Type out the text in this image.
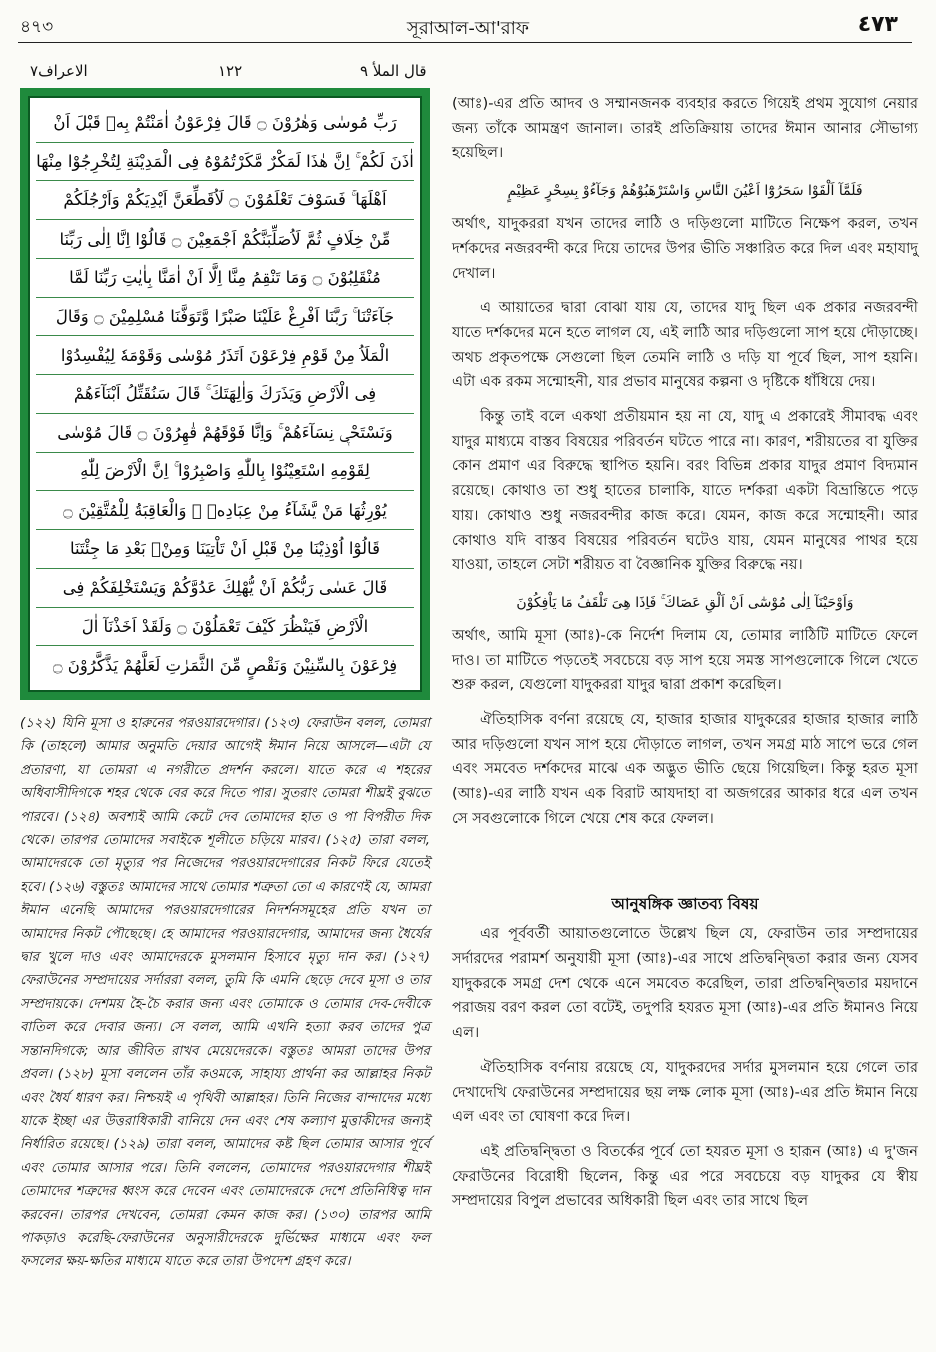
৪৭৩	সূরাআল-আ'রাফ	٤٧٣
الاعراف٧	١٢٢	قال الملأ ٩
رَبِّ مُوسٰى وَهٰرُوْنَ ۝ قَالَ فِرْعَوْنُ اٰمَنْتُمْ بِهٖ قَبْلَ اَنْ
اٰذَنَ لَكُمْ ۚ اِنَّ هٰذَا لَمَكْرٌ مَّكَرْتُمُوْهُ فِى الْمَدِيْنَةِ لِتُخْرِجُوْا مِنْهَا
اَهْلَهَا ۚ فَسَوْفَ تَعْلَمُوْنَ ۝ لَاُقَطِّعَنَّ اَيْدِيَكُمْ وَاَرْجُلَكُمْ
مِّنْ خِلَافٍ ثُمَّ لَاُصَلِّبَنَّكُمْ اَجْمَعِيْنَ ۝ قَالُوْا اِنَّا اِلٰى رَبِّنَا
مُنْقَلِبُوْنَ ۝ وَمَا تَنْقِمُ مِنَّا اِلَّا اَنْ اٰمَنَّا بِاٰيٰتِ رَبِّنَا لَمَّا
جَآءَتْنَا ۚ رَبَّنَا اَفْرِغْ عَلَيْنَا صَبْرًا وَّتَوَفَّنَا مُسْلِمِيْنَ ۝ وَقَالَ
الْمَلَاُ مِنْ قَوْمِ فِرْعَوْنَ اَتَذَرُ مُوْسٰى وَقَوْمَهٗ لِيُفْسِدُوْا
فِى الْاَرْضِ وَيَذَرَكَ وَاٰلِهَتَكَ ۚ قَالَ سَنُقَتِّلُ اَبْنَآءَهُمْ
وَنَسْتَحْيٖ نِسَآءَهُمْ ۚ وَاِنَّا فَوْقَهُمْ قٰهِرُوْنَ ۝ قَالَ مُوْسٰى
لِقَوْمِهِ اسْتَعِيْنُوْا بِاللّٰهِ وَاصْبِرُوْا ۚ اِنَّ الْاَرْضَ لِلّٰهِ
يُوْرِثُهَا مَنْ يَّشَآءُ مِنْ عِبَادِهٖ ۖ وَالْعَاقِبَةُ لِلْمُتَّقِيْنَ ۝
قَالُوْٓا اُوْذِيْنَا مِنْ قَبْلِ اَنْ تَاْتِيَنَا وَمِنْۢ بَعْدِ مَا جِئْتَنَا
قَالَ عَسٰى رَبُّكُمْ اَنْ يُّهْلِكَ عَدُوَّكُمْ وَيَسْتَخْلِفَكُمْ فِى
الْاَرْضِ فَيَنْظُرَ كَيْفَ تَعْمَلُوْنَ ۝ وَلَقَدْ اَخَذْنَآ اٰلَ
فِرْعَوْنَ بِالسِّنِيْنَ وَنَقْصٍ مِّنَ الثَّمَرٰتِ لَعَلَّهُمْ يَذَّكَّرُوْنَ ۝
(১২২) যিনি মূসা ও হারুনের পরওয়ারদেগার। (১২৩) ফেরাউন বলল, তোমরা কি (তাহলে) আমার অনুমতি দেয়ার আগেই ঈমান নিয়ে আসলে—এটা যে প্রতারণা, যা তোমরা এ নগরীতে প্রদর্শন করলে। যাতে করে এ শহরের অধিবাসীদিগকে শহর থেকে বের করে দিতে পার। সুতরাং তোমরা শীঘ্রই বুঝতে পারবে। (১২৪) অবশ্যই আমি কেটে দেব তোমাদের হাত ও পা বিপরীত দিক থেকে। তারপর তোমাদের সবাইকে শূলীতে চড়িয়ে মারব। (১২৫) তারা বলল, আমাদেরকে তো মৃত্যুর পর নিজেদের পরওয়ারদেগারের নিকট ফিরে যেতেই হবে। (১২৬) বস্তুতঃ আমাদের সাথে তোমার শত্রুতা তো এ কারণেই যে, আমরা ঈমান এনেছি আমাদের পরওয়ারদেগারের নিদর্শনসমূহের প্রতি যখন তা আমাদের নিকট পৌছেছে। হে আমাদের পরওয়ারদেগার, আমাদের জন্য ধৈর্যের দ্বার খুলে দাও এবং আমাদেরকে মুসলমান হিসাবে মৃত্যু দান কর। (১২৭) ফেরাউনের সম্প্রদায়ের সর্দাররা বলল, তুমি কি এমনি ছেড়ে দেবে মূসা ও তার সম্প্রদায়কে। দেশময় হৈ-চৈ করার জন্য এবং তোমাকে ও তোমার দেব-দেবীকে বাতিল করে দেবার জন্য। সে বলল, আমি এখনি হত্যা করব তাদের পুত্র সন্তানদিগকে; আর জীবিত রাখব মেয়েদেরকে। বস্তুতঃ আমরা তাদের উপর প্রবল। (১২৮) মূসা বললেন তাঁর কওমকে, সাহায্য প্রার্থনা কর আল্লাহর নিকট এবং ধৈর্য ধারণ কর। নিশ্চয়ই এ পৃথিবী আল্লাহর। তিনি নিজের বান্দাদের মধ্যে যাকে ইচ্ছা এর উত্তরাধিকারী বানিয়ে দেন এবং শেষ কল্যাণ মুত্তাকীদের জন্যই নির্ধারিত রয়েছে। (১২৯) তারা বলল, আমাদের কষ্ট ছিল তোমার আসার পূর্বে এবং তোমার আসার পরে। তিনি বললেন, তোমাদের পরওয়ারদেগার শীঘ্রই তোমাদের শত্রুদের ধ্বংস করে দেবেন এবং তোমাদেরকে দেশে প্রতিনিধিত্ব দান করবেন। তারপর দেখবেন, তোমরা কেমন কাজ কর। (১৩০) তারপর আমি পাকড়াও করেছি-ফেরাউনের অনুসারীদেরকে দুর্ভিক্ষের মাধ্যমে এবং ফল ফসলের ক্ষয়-ক্ষতির মাধ্যমে যাতে করে তারা উপদেশ গ্রহণ করে।

(আঃ)-এর প্রতি আদব ও সম্মানজনক ব্যবহার করতে গিয়েই প্রথম সুযোগ নেয়ার জন্য তাঁকে আমন্ত্রণ জানাল। তারই প্রতিক্রিয়ায় তাদের ঈমান আনার সৌভাগ্য হয়েছিল।

فَلَمَّآ اَلْقَوْا سَحَرُوْٓا اَعْيُنَ النَّاسِ وَاسْتَرْهَبُوْهُمْ وَجَآءُوْ بِسِحْرٍ عَظِيْمٍ

অর্থাৎ, যাদুকররা যখন তাদের লাঠি ও দড়িগুলো মাটিতে নিক্ষেপ করল, তখন দর্শকদের নজরবন্দী করে দিয়ে তাদের উপর ভীতি সঞ্চারিত করে দিল এবং মহাযাদু দেখাল।

এ আয়াতের দ্বারা বোঝা যায় যে, তাদের যাদু ছিল এক প্রকার নজরবন্দী যাতে দর্শকদের মনে হতে লাগল যে, এই লাঠি আর দড়িগুলো সাপ হয়ে দৌড়াচ্ছে। অথচ প্রকৃতপক্ষে সেগুলো ছিল তেমনি লাঠি ও দড়ি যা পূর্বে ছিল, সাপ হয়নি। এটা এক রকম সন্মোহনী, যার প্রভাব মানুষের কল্পনা ও দৃষ্টিকে ধাঁধিয়ে দেয়।

কিন্তু তাই বলে একথা প্রতীয়মান হয় না যে, যাদু এ প্রকারেই সীমাবদ্ধ এবং যাদুর মাধ্যমে বাস্তব বিষয়ের পরিবর্তন ঘটতে পারে না। কারণ, শরীয়তের বা যুক্তির কোন প্রমাণ এর বিরুদ্ধে স্থাপিত হয়নি। বরং বিভিন্ন প্রকার যাদুর প্রমাণ বিদ্যমান রয়েছে। কোথাও তা শুধু হাতের চালাকি, যাতে দর্শকরা একটা বিভ্রান্তিতে পড়ে যায়। কোথাও শুধু নজরবন্দীর কাজ করে। যেমন, কাজ করে সন্মোহনী। আর কোথাও যদি বাস্তব বিষয়ের পরিবর্তন ঘটেও যায়, যেমন মানুষের পাথর হয়ে যাওয়া, তাহলে সেটা শরীয়ত বা বৈজ্ঞানিক যুক্তির বিরুদ্ধে নয়।

وَاَوْحَيْنَآ اِلٰى مُوْسٰٓى اَنْ اَلْقِ عَصَاكَ ۚ فَاِذَا هِىَ تَلْقَفُ مَا يَاْفِكُوْنَ

অর্থাৎ, আমি মূসা (আঃ)-কে নির্দেশ দিলাম যে, তোমার লাঠিটি মাটিতে ফেলে দাও। তা মাটিতে পড়তেই সবচেয়ে বড় সাপ হয়ে সমস্ত সাপগুলোকে গিলে খেতে শুরু করল, যেগুলো যাদুকররা যাদুর দ্বারা প্রকাশ করেছিল।

ঐতিহাসিক বর্ণনা রয়েছে যে, হাজার হাজার যাদুকরের হাজার হাজার লাঠি আর দড়িগুলো যখন সাপ হয়ে দৌড়াতে লাগল, তখন সমগ্র মাঠ সাপে ভরে গেল এবং সমবেত দর্শকদের মাঝে এক অদ্ভুত ভীতি ছেয়ে গিয়েছিল। কিন্তু হরত মূসা (আঃ)-এর লাঠি যখন এক বিরাট আযদাহা বা অজগরের আকার ধরে এল তখন সে সবগুলোকে গিলে খেয়ে শেষ করে ফেলল।

আনুষঙ্গিক জ্ঞাতব্য বিষয়

এর পূর্ববর্তী আয়াতগুলোতে উল্লেখ ছিল যে, ফেরাউন তার সম্প্রদায়ের সর্দারদের পরামর্শ অনুযায়ী মূসা (আঃ)-এর সাথে প্রতিদ্বন্দ্বিতা করার জন্য যেসব যাদুকরকে সমগ্র দেশ থেকে এনে সমবেত করেছিল, তারা প্রতিদ্বন্দ্বিতার ময়দানে পরাজয় বরণ করল তো বটেই, তদুপরি হযরত মূসা (আঃ)-এর প্রতি ঈমানও নিয়ে এল।

ঐতিহাসিক বর্ণনায় রয়েছে যে, যাদুকরদের সর্দার মুসলমান হয়ে গেলে তার দেখাদেখি ফেরাউনের সম্প্রদায়ের ছয় লক্ষ লোক মূসা (আঃ)-এর প্রতি ঈমান নিয়ে এল এবং তা ঘোষণা করে দিল।

এই প্রতিদ্বন্দ্বিতা ও বিতর্কের পূর্বে তো হযরত মূসা ও হারূন (আঃ) এ দু'জন ফেরাউনের বিরোধী ছিলেন, কিন্তু এর পরে সবচেয়ে বড় যাদুকর যে স্বীয় সম্প্রদায়ের বিপুল প্রভাবের অধিকারী ছিল এবং তার সাথে ছিল
